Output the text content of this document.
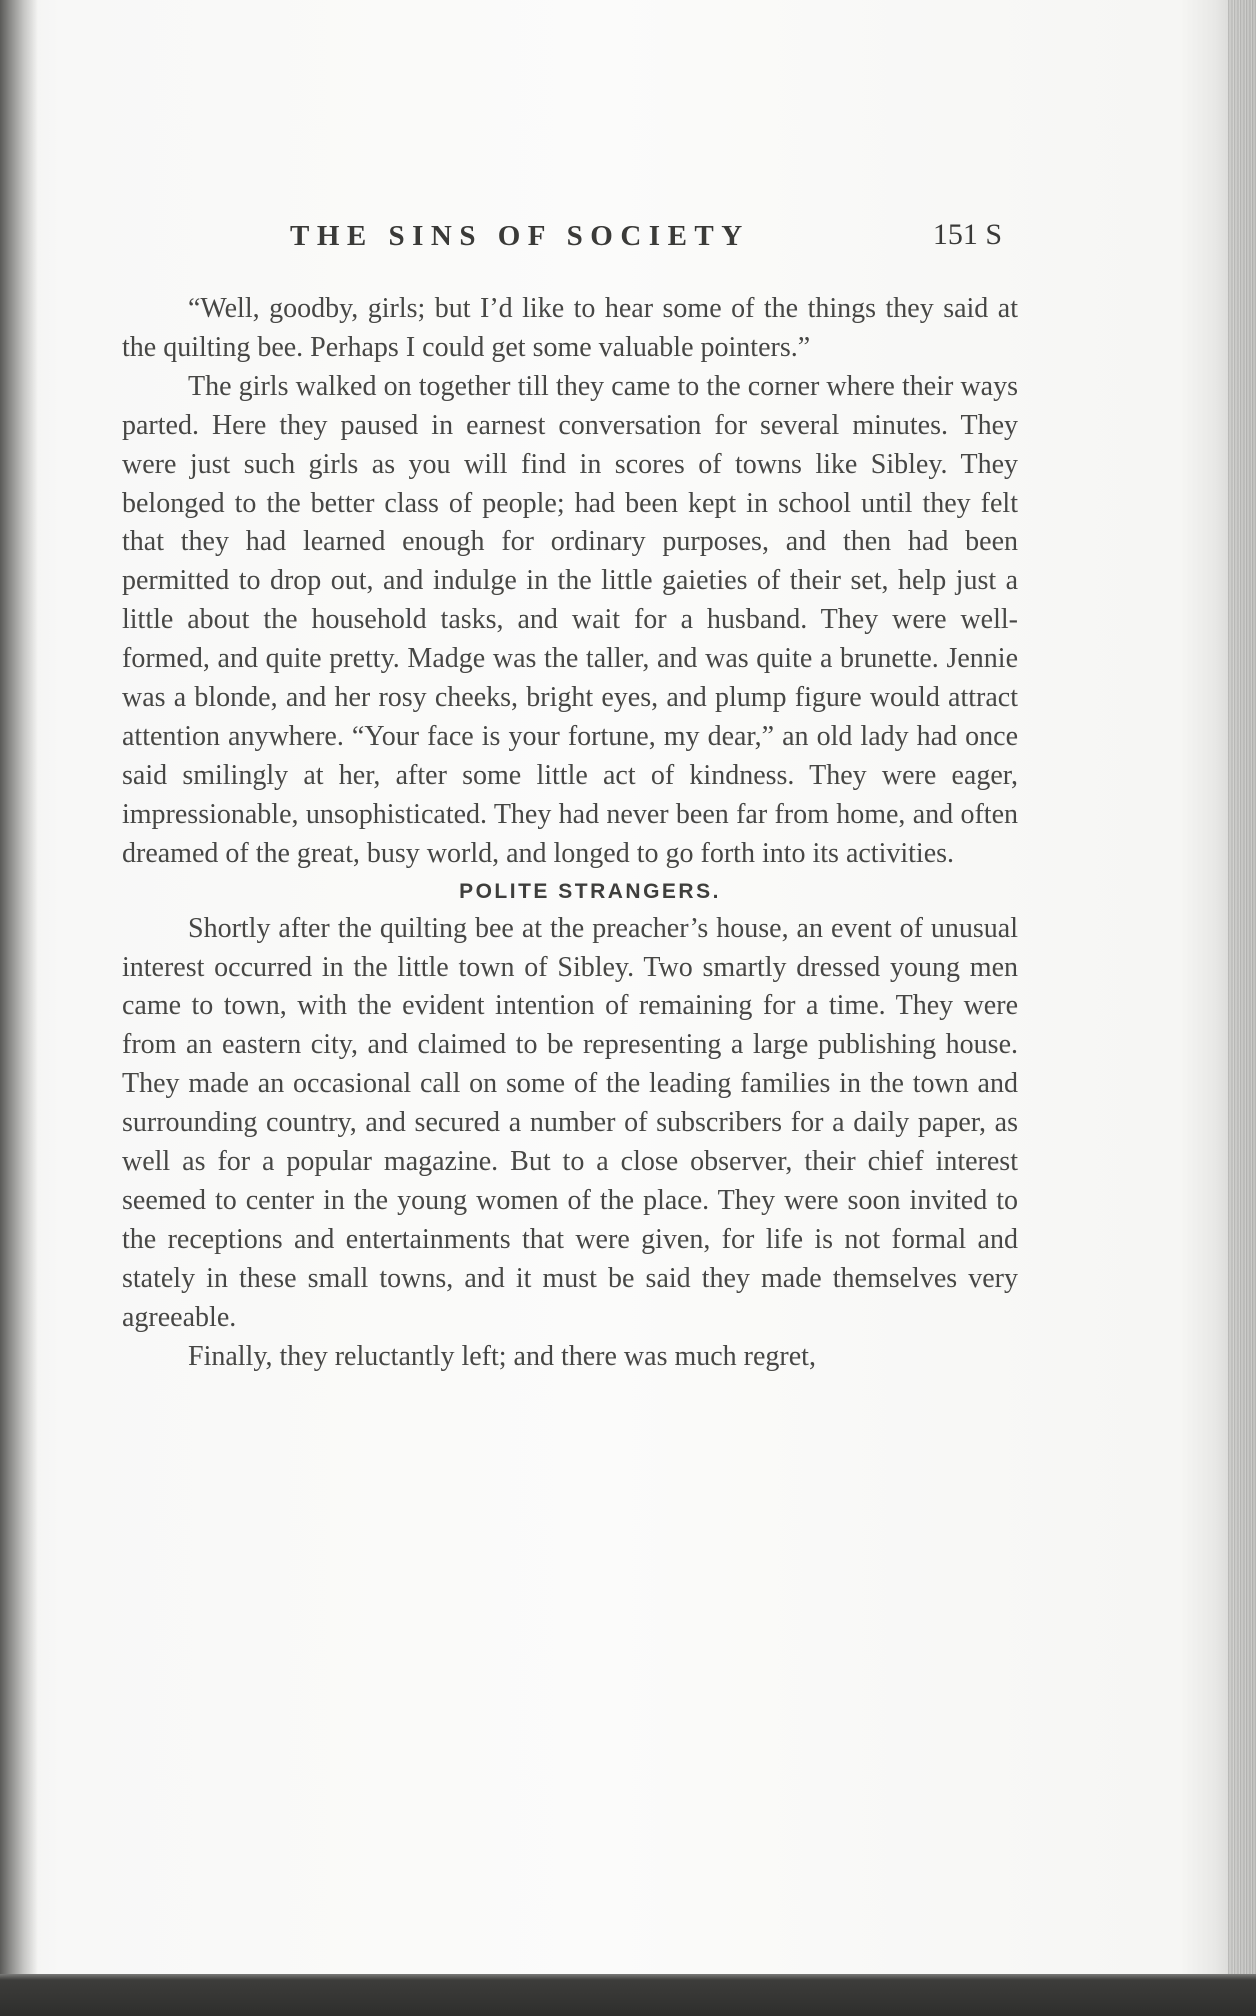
THE SINS OF SOCIETY	151 S

“Well, goodby, girls; but I’d like to hear some of the things they said at the quilting bee. Perhaps I could get some valuable pointers.”

The girls walked on together till they came to the corner where their ways parted. Here they paused in earnest conversation for several minutes. They were just such girls as you will find in scores of towns like Sibley. They belonged to the better class of people; had been kept in school until they felt that they had learned enough for ordinary purposes, and then had been permitted to drop out, and indulge in the little gaieties of their set, help just a little about the household tasks, and wait for a husband. They were well-formed, and quite pretty. Madge was the taller, and was quite a brunette. Jennie was a blonde, and her rosy cheeks, bright eyes, and plump figure would attract attention anywhere. “Your face is your fortune, my dear,” an old lady had once said smilingly at her, after some little act of kindness. They were eager, impressionable, unsophisticated. They had never been far from home, and often dreamed of the great, busy world, and longed to go forth into its activities.

POLITE STRANGERS.

Shortly after the quilting bee at the preacher’s house, an event of unusual interest occurred in the little town of Sibley. Two smartly dressed young men came to town, with the evident intention of remaining for a time. They were from an eastern city, and claimed to be representing a large publishing house. They made an occasional call on some of the leading families in the town and surrounding country, and secured a number of subscribers for a daily paper, as well as for a popular magazine. But to a close observer, their chief interest seemed to center in the young women of the place. They were soon invited to the receptions and entertainments that were given, for life is not formal and stately in these small towns, and it must be said they made themselves very agreeable.

Finally, they reluctantly left; and there was much regret,
